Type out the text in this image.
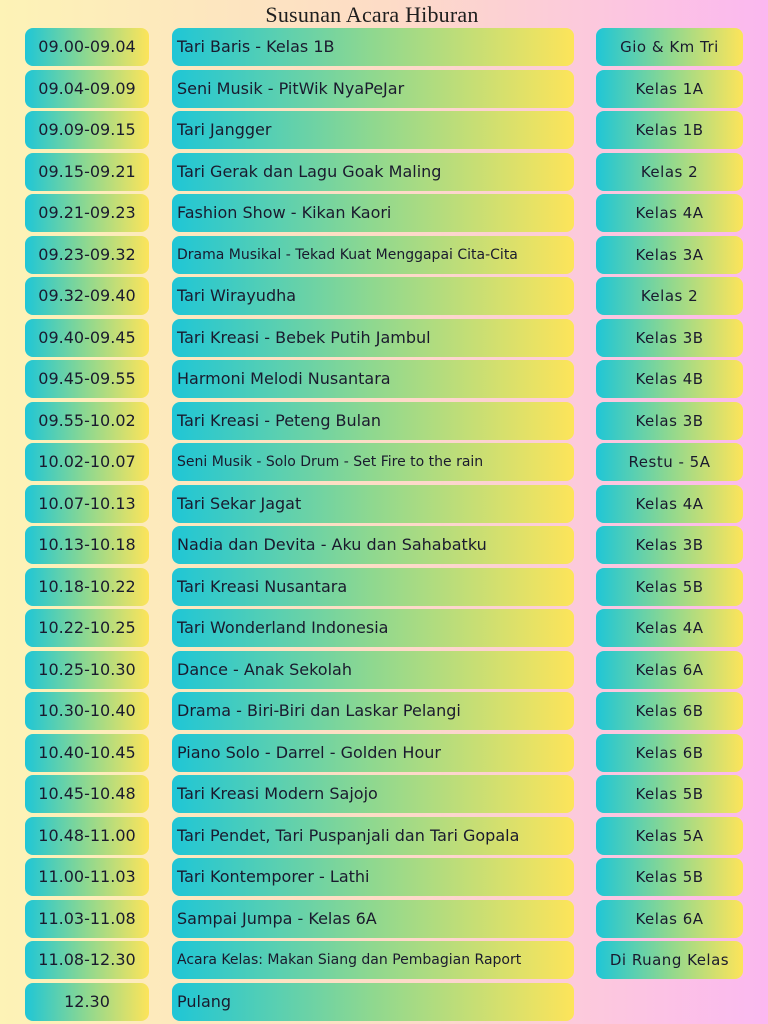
Susunan Acara Hiburan
09.00-09.04	Tari Baris - Kelas 1B	Gio & Km Tri
09.04-09.09	Seni Musik - PitWik NyaPeJar	Kelas 1A
09.09-09.15	Tari Jangger	Kelas 1B
09.15-09.21	Tari Gerak dan Lagu Goak Maling	Kelas 2
09.21-09.23	Fashion Show - Kikan Kaori	Kelas 4A
09.23-09.32	Drama Musikal - Tekad Kuat Menggapai Cita-Cita	Kelas 3A
09.32-09.40	Tari Wirayudha	Kelas 2
09.40-09.45	Tari Kreasi - Bebek Putih Jambul	Kelas 3B
09.45-09.55	Harmoni Melodi Nusantara	Kelas 4B
09.55-10.02	Tari Kreasi - Peteng Bulan	Kelas 3B
10.02-10.07	Seni Musik - Solo Drum - Set Fire to the rain	Restu - 5A
10.07-10.13	Tari Sekar Jagat	Kelas 4A
10.13-10.18	Nadia dan Devita - Aku dan Sahabatku	Kelas 3B
10.18-10.22	Tari Kreasi Nusantara	Kelas 5B
10.22-10.25	Tari Wonderland Indonesia	Kelas 4A
10.25-10.30	Dance - Anak Sekolah	Kelas 6A
10.30-10.40	Drama - Biri-Biri dan Laskar Pelangi	Kelas 6B
10.40-10.45	Piano Solo - Darrel - Golden Hour	Kelas 6B
10.45-10.48	Tari Kreasi Modern Sajojo	Kelas 5B
10.48-11.00	Tari Pendet, Tari Puspanjali dan Tari Gopala	Kelas 5A
11.00-11.03	Tari Kontemporer - Lathi	Kelas 5B
11.03-11.08	Sampai Jumpa - Kelas 6A	Kelas 6A
11.08-12.30	Acara Kelas: Makan Siang dan Pembagian Raport	Di Ruang Kelas
12.30	Pulang
